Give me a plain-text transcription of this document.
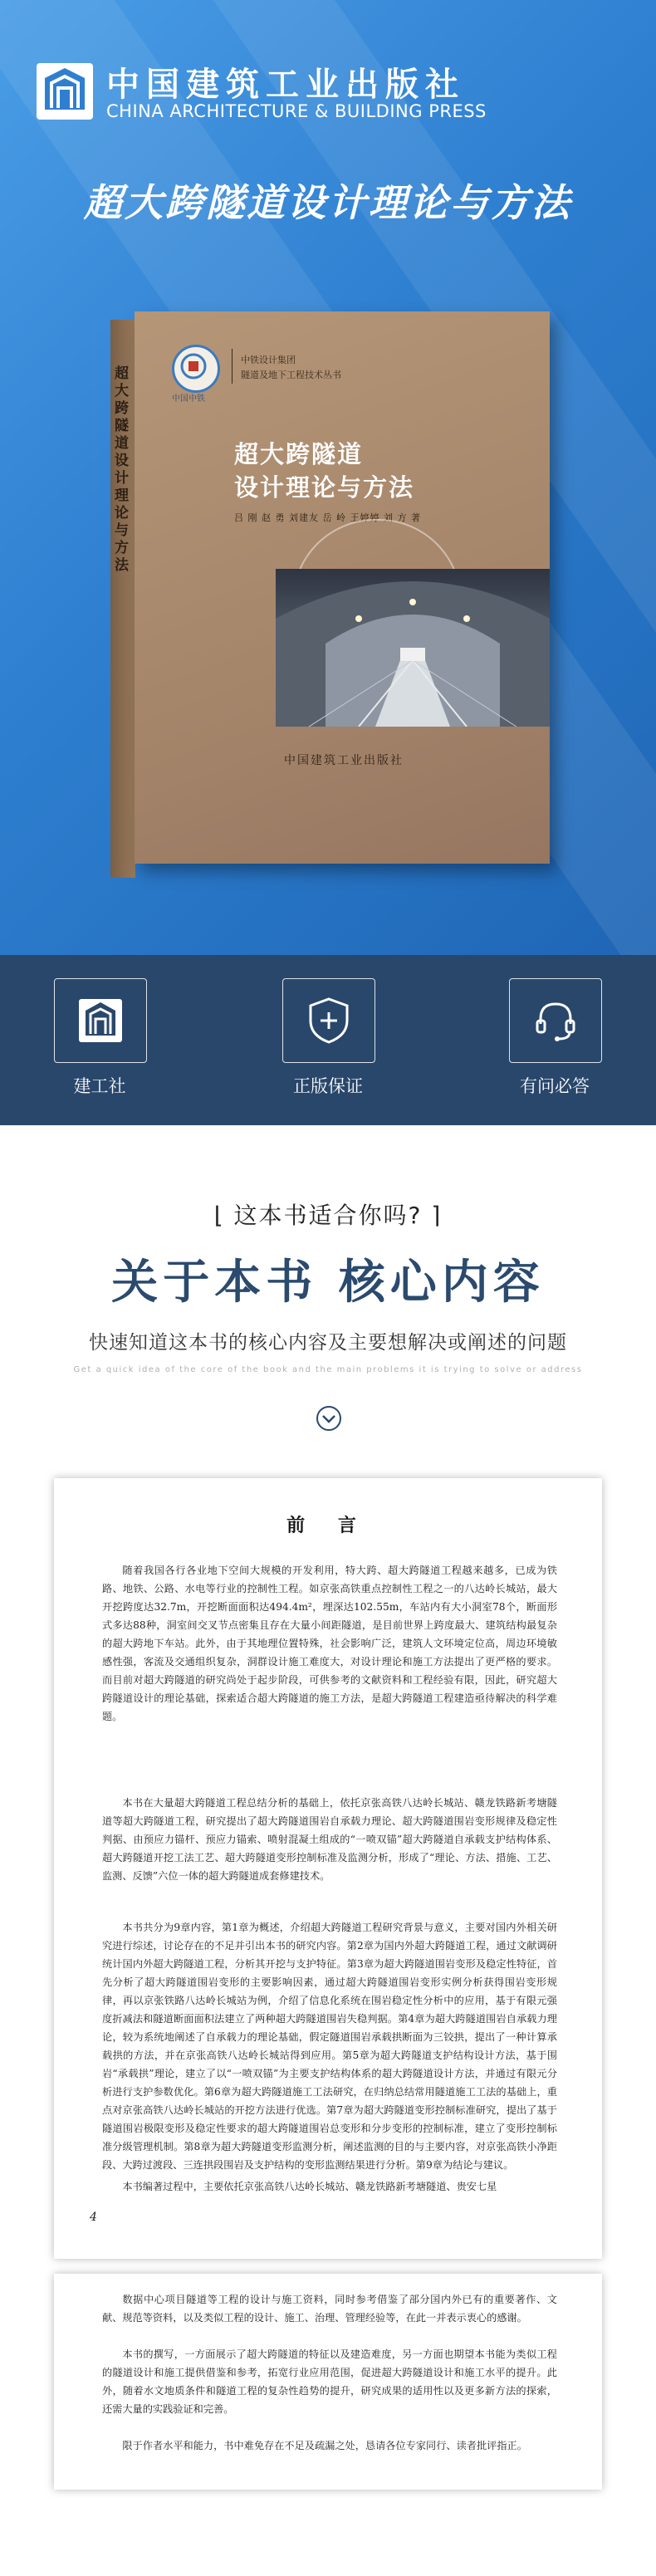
中国建筑工业出版社
CHINA ARCHITECTURE & BUILDING PRESS
超大跨隧道设计理论与方法
超大跨隧道设计理论与方法
中国中铁
中铁设计集团
隧道及地下工程技术丛书
超大跨隧道
设计理论与方法
吕 刚 赵 勇 刘建友 岳 岭 王婷婷 刘 方 著
中国建筑工业出版社
建工社	正版保证	有问必答
⌊ 这本书适合你吗? ⌉
关于本书 核心内容
快速知道这本书的核心内容及主要想解决或阐述的问题
Get a quick idea of the core of the book and the main problems it is trying to solve or address
前 言

随着我国各行各业地下空间大规模的开发利用，特大跨、超大跨隧道工程越来越多，已成为铁路、地铁、公路、水电等行业的控制性工程。如京张高铁重点控制性工程之一的八达岭长城站，最大开挖跨度达32.7m，开挖断面面积达494.4m²，埋深达102.55m，车站内有大小洞室78个，断面形式多达88种，洞室间交叉节点密集且存在大量小间距隧道，是目前世界上跨度最大、建筑结构最复杂的超大跨地下车站。此外，由于其地理位置特殊，社会影响广泛，建筑人文环境定位高，周边环境敏感性强，客流及交通组织复杂，洞群设计施工难度大，对设计理论和施工方法提出了更严格的要求。而目前对超大跨隧道的研究尚处于起步阶段，可供参考的文献资料和工程经验有限，因此，研究超大跨隧道设计的理论基础，探索适合超大跨隧道的施工方法，是超大跨隧道工程建造亟待解决的科学难题。

本书在大量超大跨隧道工程总结分析的基础上，依托京张高铁八达岭长城站、赣龙铁路新考塘隧道等超大跨隧道工程，研究提出了超大跨隧道围岩自承载力理论、超大跨隧道围岩变形规律及稳定性判据、由预应力锚杆、预应力锚索、喷射混凝土组成的“一喷双锚”超大跨隧道自承载支护结构体系、超大跨隧道开挖工法工艺、超大跨隧道变形控制标准及监测分析，形成了“理论、方法、措施、工艺、监测、反馈”六位一体的超大跨隧道成套修建技术。

本书共分为9章内容，第1章为概述，介绍超大跨隧道工程研究背景与意义，主要对国内外相关研究进行综述，讨论存在的不足并引出本书的研究内容。第2章为国内外超大跨隧道工程，通过文献调研统计国内外超大跨隧道工程，分析其开挖与支护特征。第3章为超大跨隧道围岩变形及稳定性特征，首先分析了超大跨隧道围岩变形的主要影响因素，通过超大跨隧道围岩变形实例分析获得围岩变形规律，再以京张铁路八达岭长城站为例，介绍了信息化系统在围岩稳定性分析中的应用，基于有限元强度折减法和隧道断面面积法建立了两种超大跨隧道围岩失稳判据。第4章为超大跨隧道围岩自承载力理论，较为系统地阐述了自承载力的理论基础，假定隧道围岩承载拱断面为三铰拱，提出了一种计算承载拱的方法，并在京张高铁八达岭长城站得到应用。第5章为超大跨隧道支护结构设计方法，基于围岩“承载拱”理论，建立了以“一喷双锚”为主要支护结构体系的超大跨隧道设计方法，并通过有限元分析进行支护参数优化。第6章为超大跨隧道施工工法研究，在归纳总结常用隧道施工工法的基础上，重点对京张高铁八达岭长城站的开挖方法进行优选。第7章为超大跨隧道变形控制标准研究，提出了基于隧道围岩极限变形及稳定性要求的超大跨隧道围岩总变形和分步变形的控制标准，建立了变形控制标准分级管理机制。第8章为超大跨隧道变形监测分析，阐述监测的目的与主要内容，对京张高铁小净距段、大跨过渡段、三连拱段围岩及支护结构的变形监测结果进行分析。第9章为结论与建议。

本书编著过程中，主要依托京张高铁八达岭长城站、赣龙铁路新考塘隧道、贵安七星

4

数据中心项目隧道等工程的设计与施工资料，同时参考借鉴了部分国内外已有的重要著作、文献、规范等资料，以及类似工程的设计、施工、治理、管理经验等，在此一并表示衷心的感谢。

本书的撰写，一方面展示了超大跨隧道的特征以及建造难度，另一方面也期望本书能为类似工程的隧道设计和施工提供借鉴和参考，拓宽行业应用范围，促进超大跨隧道设计和施工水平的提升。此外，随着水文地质条件和隧道工程的复杂性趋势的提升，研究成果的适用性以及更多新方法的探索，还需大量的实践验证和完善。

限于作者水平和能力，书中难免存在不足及疏漏之处，恳请各位专家同行、读者批评指正。
